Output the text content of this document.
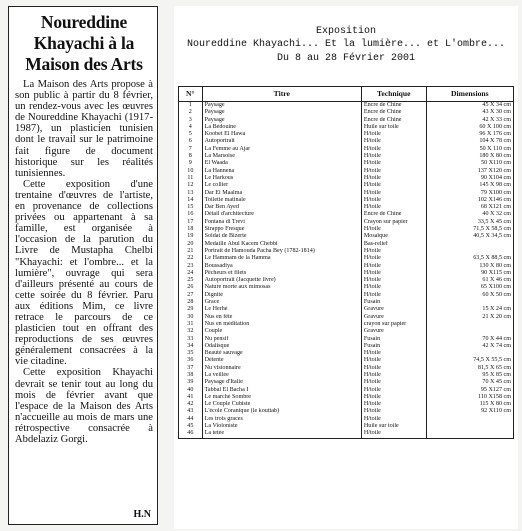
Noureddine Khayachi à la Maison des Arts

La Maison des Arts propose à son public à partir du 8 février, un rendez-vous avec les œuvres de Noureddine Khayachi (1917-1987), un plasticien tunisien dont le travail sur le patrimoine fait figure de document historique sur les réalités tunisiennes.

Cette exposition d'une trentaine d'œuvres de l'artiste, en provenance de collections privées ou appartenant à sa famille, est organisée à l'occasion de la parution du Livre de Mustapha Chelbi "Khayachi: et l'ombre... et la lumière", ouvrage qui sera d'ailleurs présenté au cours de cette soirée du 8 février. Paru aux éditions Mim, ce livre retrace le parcours de ce plasticien tout en offrant des reproductions de ses œuvres généralement consacrées à la vie citadine.

Cette exposition Khayachi devrait se tenir tout au long du mois de février avant que l'espace de la Maison des Arts n'accueille au mois de mars une rétrospective consacrée à Abdelaziz Gorgi.

H.N
Exposition
Noureddine Khayachi... Et la lumière... et L'ombre...
Du 8 au 28 Février 2001
N°	Titre	Technique	Dimensions
1	Paysage	Encre de Chine	45 X 34 cm
2	Paysage	Encre de Chine	43 X 30 cm
3	Paysage	Encre de Chine	42 X 33 cm
4	La Bédouine	Huile sur toile	60 X 100 cm
5	Koobet El Hawa	H/toile	96 X 176 cm
6	Autoportrait	H/toile	104 X 78 cm
7	La Femme au Ajar	H/toile	50 X 110 cm
8	La Marsoise	H/toile	180 X 80 cm
9	El Waada	H/toile	50 X110 cm
10	La Hannena	H/toile	137 X120 cm
11	Le Harkous	H/toile	90 X104 cm
12	Le collier	H/toile	145 X 98 cm
13	Dar El Maalma	H/toile	79 X100 cm
14	Toilette matinale	H/toile	102 X146 cm
15	Dar Ben Ayed	H/toile	68 X121 cm
16	Détail d'architecture	Encre de Chine	40 X 32 cm
17	Fontana di Trevi	Crayon sur papier	33,5 X 45 cm
18	Strappo Fresque	H/toile	71,5 X 58,5 cm
19	Soldat de Bizerte	Mosaïque	40,5 X 34,5 cm
20	Medaille Abul Kacem Chebbi	Bas-relief	
21	Portrait de Hamouda Pacha Bey (1782-1814)	H/toile	
22	Le Hammam de la Hamma	H/toile	63,5 X 88,5 cm
23	Boussadiya	H/toile	130 X 80 cm
24	Pêcheurs et filets	H/toile	90 X115 cm
25	Autoportrait (Jacquette livre)	H/toile	61 X 46 cm
26	Nature morte aux mimosas	H/toile	65 X100 cm
27	Dignité	H/toile	60 X 50 cm
28	Grace	Fusain	
29	Le Herhé	Gravure	15 X 24 cm
30	Nus en fête	Gravure	21 X 20 cm
31	Nus en méditation	crayon sur papier	
32	Couple	Gravure	
33	Nu pensif	Fusain	70 X 44 cm
34	Odalisque	Fusain	42 X 74 cm
35	Beauté sauvage	H/toile	
36	Détente	H/toile	74,5 X 55,5 cm
37	Nu visionnaire	H/toile	81,5 X 65 cm
38	La veillée	H/toile	95 X 85 cm
39	Paysage d'Italie	H/toile	70 X 45 cm
40	Tabbal El Bacha I	H/toile	95 X127 cm
41	Le marché Sombre	H/toile	110 X158 cm
42	Le Couple Cubiste	H/toile	115 X 80 cm
43	L'école Coranique (le kouttab)	H/toile	92 X110 cm
44	Les trois graces	H/toile	
45	La Violoniste	Huile sur toile	
46	La tetée	H/toile	
